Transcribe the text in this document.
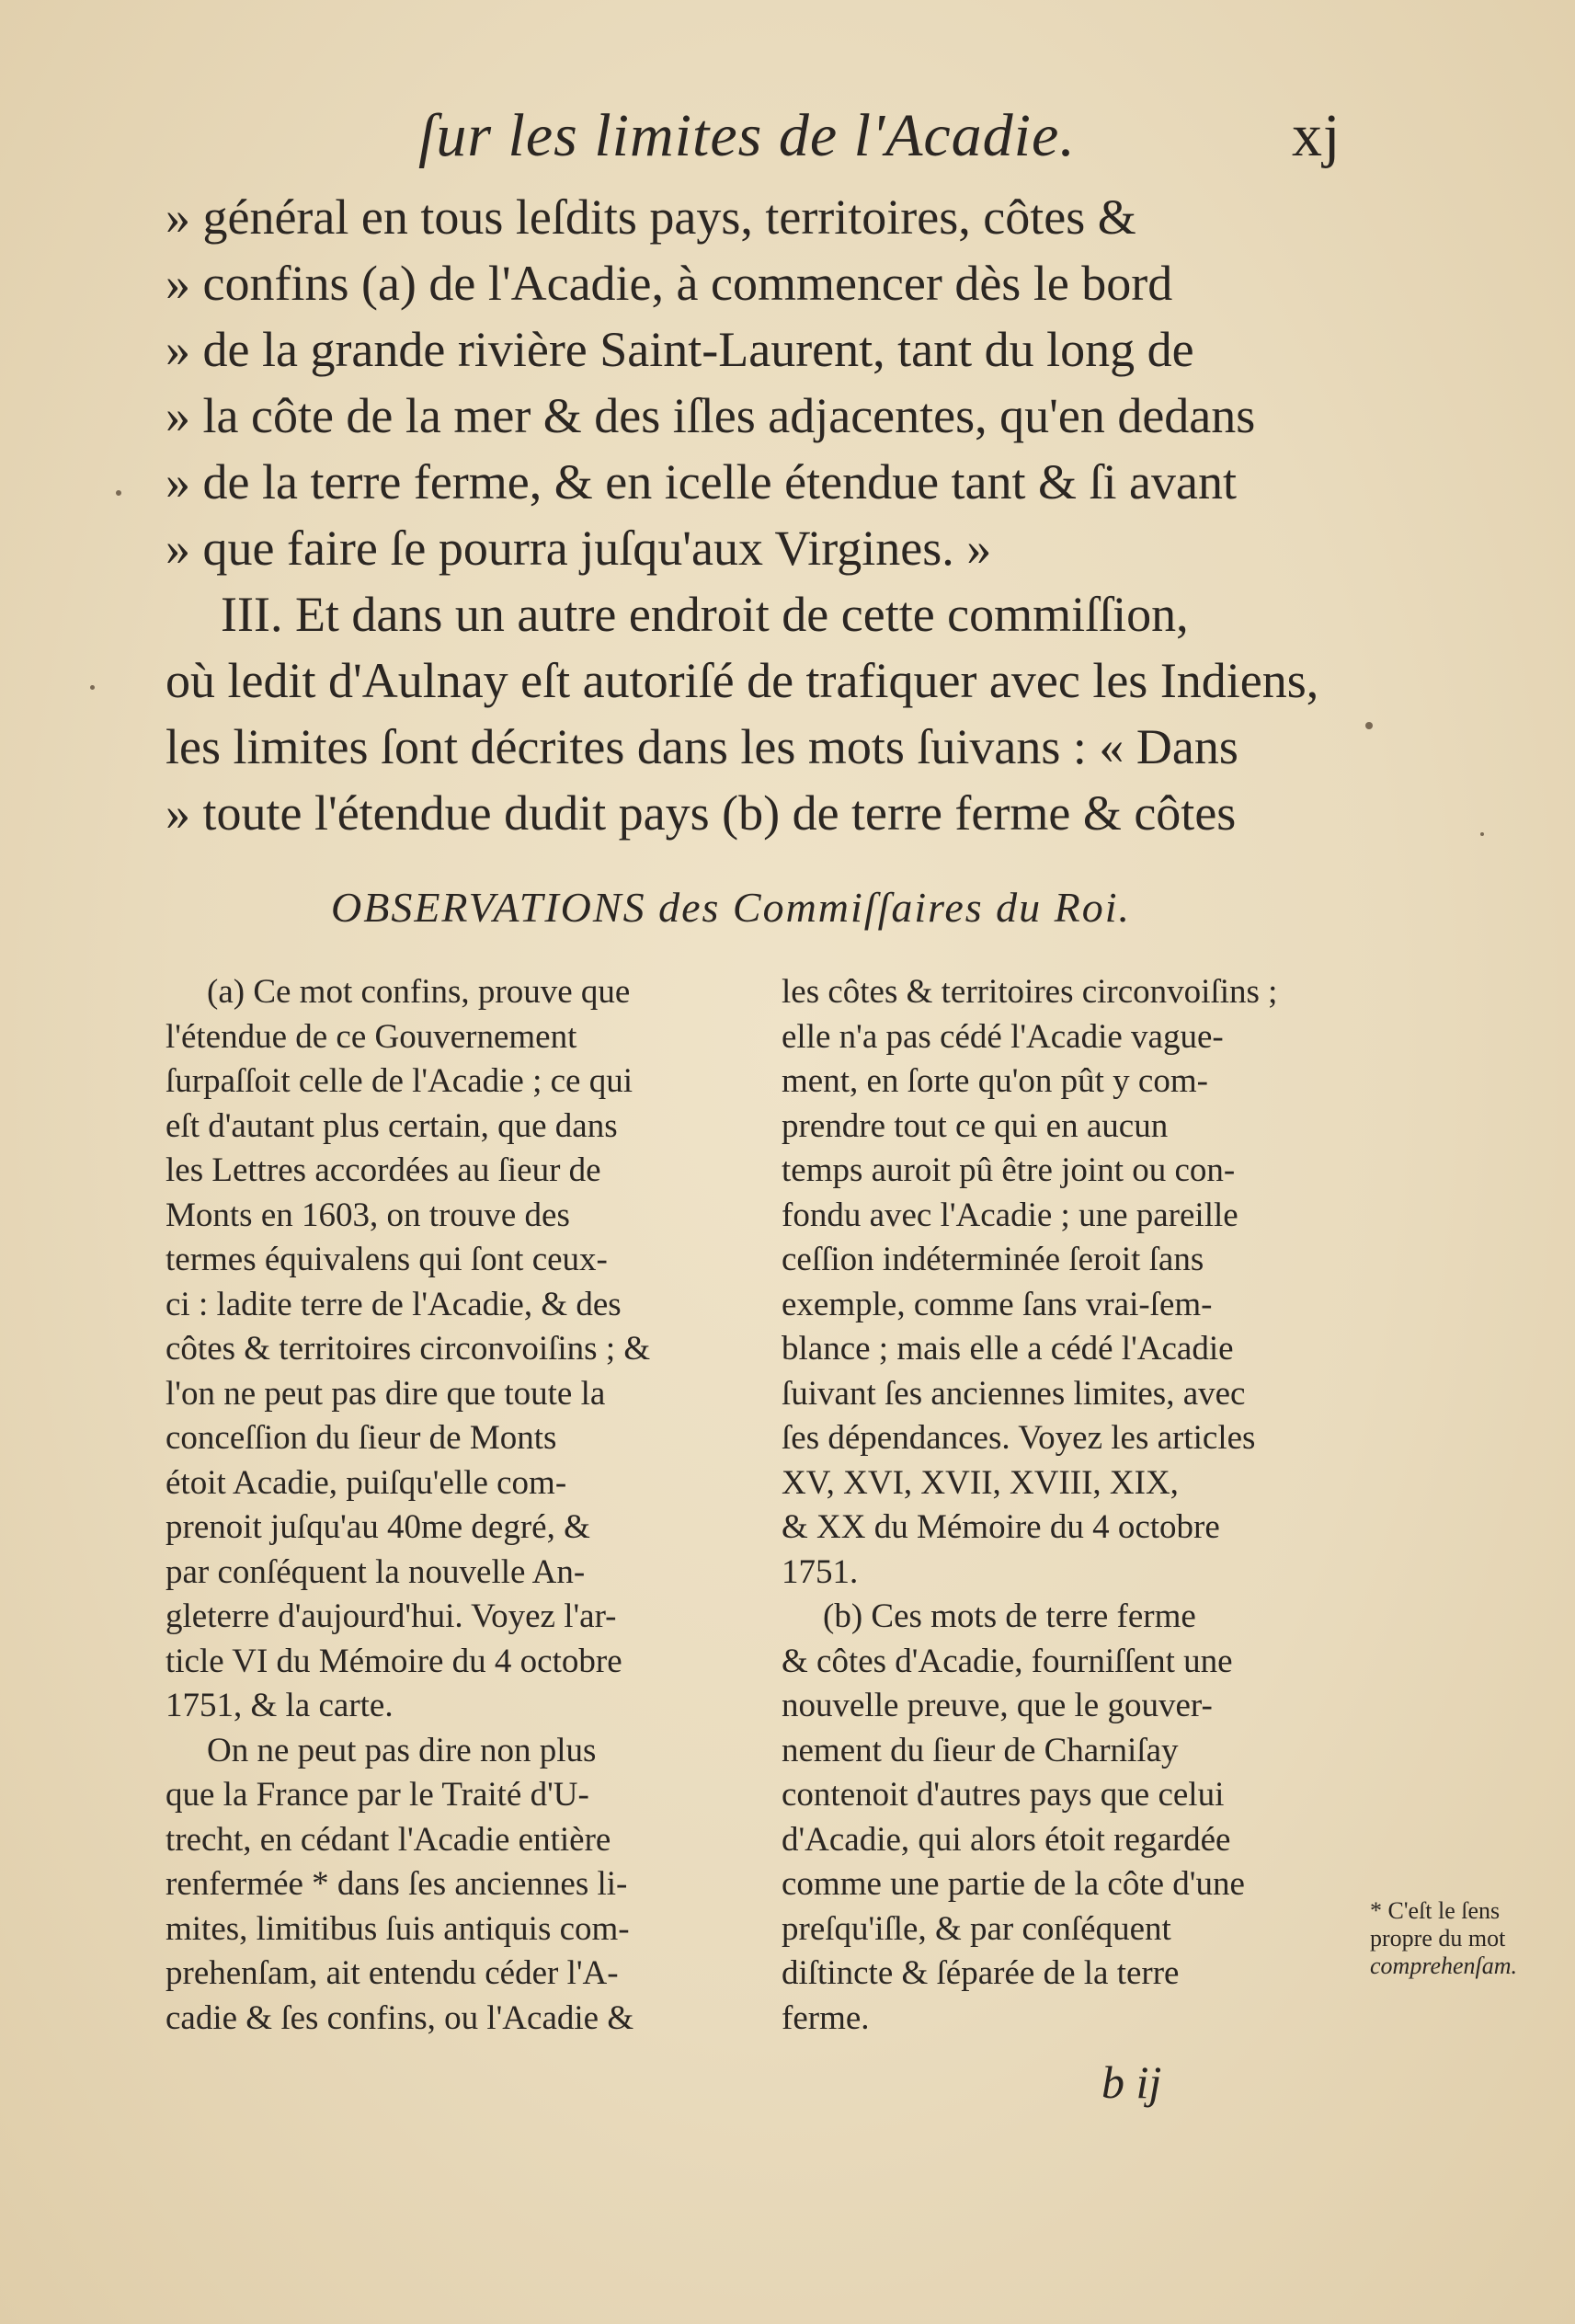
ſur les limites de l'Acadie.	xj
» général en tous leſdits pays, territoires, côtes &
» confins (a) de l'Acadie, à commencer dès le bord
» de la grande rivière Saint-Laurent, tant du long de
» la côte de la mer & des iſles adjacentes, qu'en dedans
» de la terre ferme, & en icelle étendue tant & ſi avant
» que faire ſe pourra juſqu'aux Virgines. »
III. Et dans un autre endroit de cette commiſſion,
où ledit d'Aulnay eſt autoriſé de trafiquer avec les Indiens,
les limites ſont décrites dans les mots ſuivans : « Dans
» toute l'étendue dudit pays (b) de terre ferme & côtes
OBSERVATIONS des Commiſſaires du Roi.
(a) Ce mot confins, prouve que
l'étendue de ce Gouvernement
ſurpaſſoit celle de l'Acadie ; ce qui
eſt d'autant plus certain, que dans
les Lettres accordées au ſieur de
Monts en 1603, on trouve des
termes équivalens qui ſont ceux-
ci : ladite terre de l'Acadie, & des
côtes & territoires circonvoiſins ; &
l'on ne peut pas dire que toute la
conceſſion du ſieur de Monts
étoit Acadie, puiſqu'elle com-
prenoit juſqu'au 40me degré, &
par conſéquent la nouvelle An-
gleterre d'aujourd'hui. Voyez l'ar-
ticle VI du Mémoire du 4 octobre
1751, & la carte.
On ne peut pas dire non plus
que la France par le Traité d'U-
trecht, en cédant l'Acadie entière
renfermée * dans ſes anciennes li-
mites, limitibus ſuis antiquis com-
prehenſam, ait entendu céder l'A-
cadie & ſes confins, ou l'Acadie &
les côtes & territoires circonvoiſins ;
elle n'a pas cédé l'Acadie vague-
ment, en ſorte qu'on pût y com-
prendre tout ce qui en aucun
temps auroit pû être joint ou con-
fondu avec l'Acadie ; une pareille
ceſſion indéterminée ſeroit ſans
exemple, comme ſans vrai-ſem-
blance ; mais elle a cédé l'Acadie
ſuivant ſes anciennes limites, avec
ſes dépendances. Voyez les articles
XV, XVI, XVII, XVIII, XIX,
& XX du Mémoire du 4 octobre
1751.
(b) Ces mots de terre ferme
& côtes d'Acadie, fourniſſent une
nouvelle preuve, que le gouver-
nement du ſieur de Charniſay
contenoit d'autres pays que celui
d'Acadie, qui alors étoit regardée
comme une partie de la côte d'une
preſqu'iſle, & par conſéquent
diſtincte & ſéparée de la terre
ferme.
* C'eſt le ſens
propre du mot
comprehenſam.
b ij
